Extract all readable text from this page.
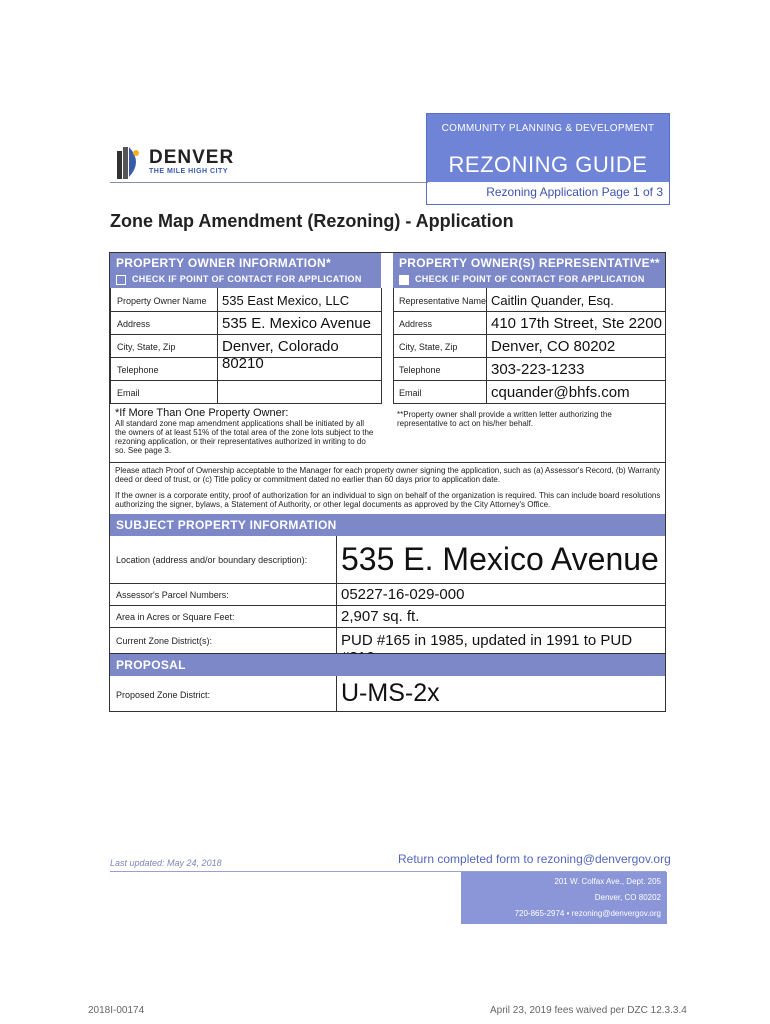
DENVER
THE MILE HIGH CITY
COMMUNITY PLANNING & DEVELOPMENT
REZONING GUIDE
Rezoning Application Page 1 of 3
Zone Map Amendment (Rezoning) - Application
PROPERTY OWNER INFORMATION*
CHECK IF POINT OF CONTACT FOR APPLICATION
PROPERTY OWNER(S) REPRESENTATIVE**
CHECK IF POINT OF CONTACT FOR APPLICATION
Property Owner Name 535 East Mexico, LLC
Address	535 E. Mexico Avenue
City, State, Zip	Denver, Colorado 80210
Telephone
Email
Representative Name Caitlin Quander, Esq.
Address	410 17th Street, Ste 2200
City, State, Zip Denver, CO 80202
Telephone	303-223-1233
Email	cquander@bhfs.com
*If More Than One Property Owner:
All standard zone map amendment applications shall be initiated by all the owners of at least 51% of the total area of the zone lots subject to the rezoning application, or their representatives authorized in writing to do so. See page 3.
**Property owner shall provide a written letter authorizing the representative to act on his/her behalf.
Please attach Proof of Ownership acceptable to the Manager for each property owner signing the application, such as (a) Assessor's Record, (b) Warranty deed or deed of trust, or (c) Title policy or commitment dated no earlier than 60 days prior to application date.
If the owner is a corporate entity, proof of authorization for an individual to sign on behalf of the organization is required. This can include board resolutions authorizing the signer, bylaws, a Statement of Authority, or other legal documents as approved by the City Attorney's Office.
SUBJECT PROPERTY INFORMATION
Location (address and/or boundary description): 535 E. Mexico Avenue
Assessor's Parcel Numbers:	05227-16-029-000
Area in Acres or Square Feet:	2,907 sq. ft.
Current Zone District(s):	PUD #165 in 1985, updated in 1991 to PUD
PROPOSAL
Proposed Zone District:	U-MS-2x
Last updated: May 24, 2018	Return completed form to rezoning@denvergov.org
201 W. Colfax Ave., Dept. 205
Denver, CO 80202
720-865-2974 • rezoning@denvergov.org
2018I-00174	April 23, 2019 fees waived per DZC 12.3.3.4
